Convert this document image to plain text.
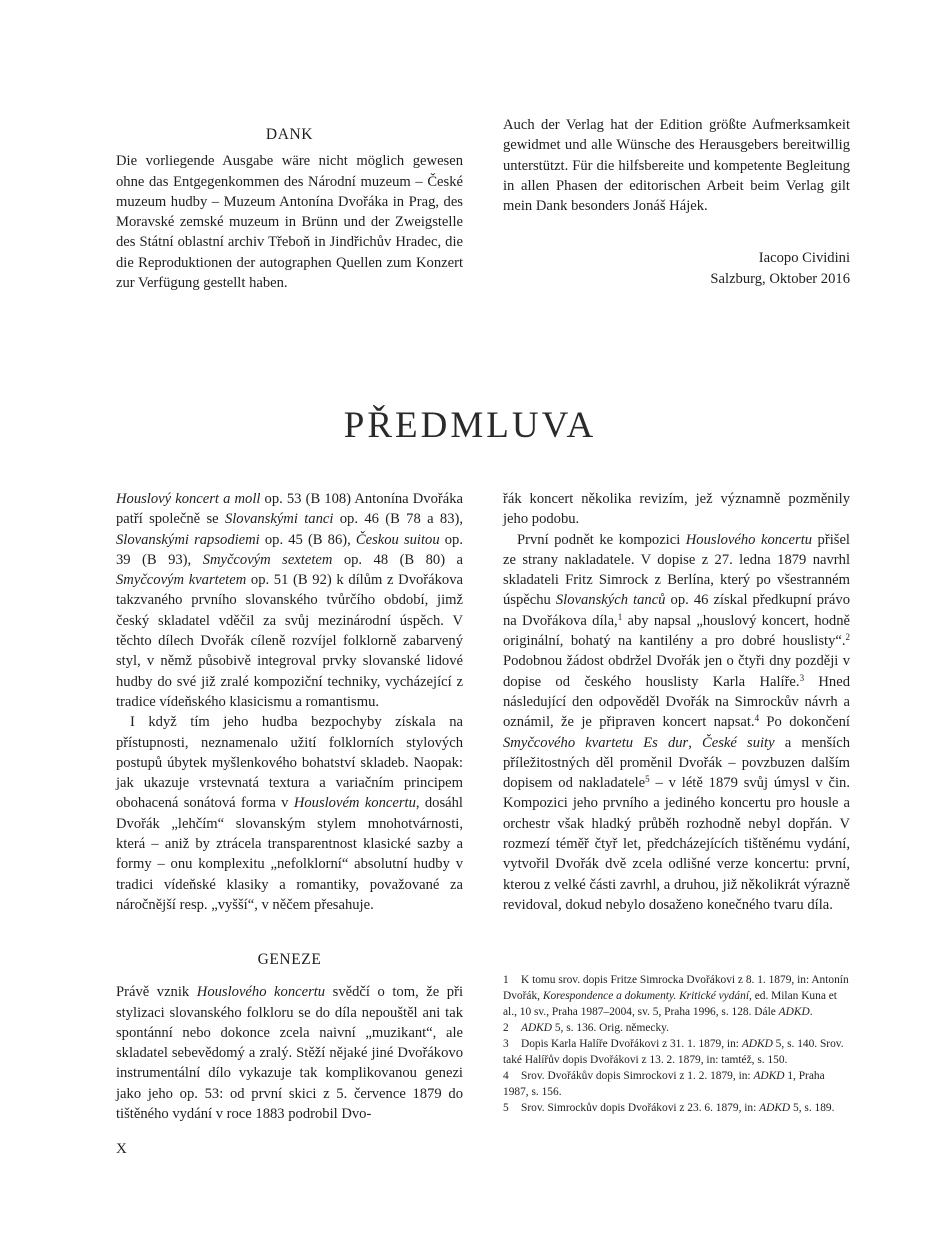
DANK

Die vorliegende Ausgabe wäre nicht möglich gewesen ohne das Entgegenkommen des Národní muzeum – České muzeum hudby – Muzeum Antonína Dvořáka in Prag, des Moravské zemské muzeum in Brünn und der Zweigstelle des Státní oblastní archiv Třeboň in Jindřichův Hradec, die die Reproduktionen der autographen Quellen zum Konzert zur Verfügung gestellt haben.

Auch der Verlag hat der Edition größte Aufmerksamkeit gewidmet und alle Wünsche des Herausgebers bereitwillig unterstützt. Für die hilfsbereite und kompetente Begleitung in allen Phasen der editorischen Arbeit beim Verlag gilt mein Dank besonders Jonáš Hájek.

Iacopo Cividini
Salzburg, Oktober 2016
PŘEDMLUVA

Houslový koncert a moll op. 53 (B 108) Antonína Dvořáka patří společně se Slovanskými tanci op. 46 (B 78 a 83), Slovanskými rapsodiemi op. 45 (B 86), Českou suitou op. 39 (B 93), Smyčcovým sextetem op. 48 (B 80) a Smyčcovým kvartetem op. 51 (B 92) k dílům z Dvořákova takzvaného prvního slovanského tvůrčího období, jimž český skladatel vděčil za svůj mezinárodní úspěch. V těchto dílech Dvořák cíleně rozvíjel folklorně zabarvený styl, v němž působivě integroval prvky slovanské lidové hudby do své již zralé kompoziční techniky, vycházející z tradice vídeňského klasicismu a romantismu.

I když tím jeho hudba bezpochyby získala na přístupnosti, neznamenalo užití folklorních stylových postupů úbytek myšlenkového bohatství skladeb. Naopak: jak ukazuje vrstevnatá textura a variačním principem obohacená sonátová forma v Houslovém koncertu, dosáhl Dvořák „lehčím“ slovanským stylem mnohotvárnosti, která – aniž by ztrácela transparentnost klasické sazby a formy – onu komplexitu „nefolklorní“ absolutní hudby v tradici vídeňské klasiky a romantiky, považované za náročnější resp. „vyšší“, v něčem přesahuje.

GENEZE

Právě vznik Houslového koncertu svědčí o tom, že při stylizaci slovanského folkloru se do díla nepouštěl ani tak spontánní nebo dokonce zcela naivní „muzikant“, ale skladatel sebevědomý a zralý. Stěží nějaké jiné Dvořákovo instrumentální dílo vykazuje tak komplikovanou genezi jako jeho op. 53: od první skici z 5. července 1879 do tištěného vydání v roce 1883 podrobil Dvo-

řák koncert několika revizím, jež významně pozměnily jeho podobu.

První podnět ke kompozici Houslového koncertu přišel ze strany nakladatele. V dopise z 27. ledna 1879 navrhl skladateli Fritz Simrock z Berlína, který po všestranném úspěchu Slovanských tanců op. 46 získal předkupní právo na Dvořákova díla,$^1$ aby napsal „houslový koncert, hodně originální, bohatý na kantilény a pro dobré houslisty“.$^2$ Podobnou žádost obdržel Dvořák jen o čtyři dny později v dopise od českého houslisty Karla Halíře.$^3$ Hned následující den odpověděl Dvořák na Simrockův návrh a oznámil, že je připraven koncert napsat.$^4$ Po dokončení Smyčcového kvartetu Es dur, České suity a menších příležitostných děl proměnil Dvořák – povzbuzen dalším dopisem od nakladatele$^5$ – v létě 1879 svůj úmysl v čin. Kompozici jeho prvního a jediného koncertu pro housle a orchestr však hladký průběh rozhodně nebyl dopřán. V rozmezí téměř čtyř let, předcházejících tištěnému vydání, vytvořil Dvořák dvě zcela odlišné verze koncertu: první, kterou z velké části zavrhl, a druhou, již několikrát výrazně revidoval, dokud nebylo dosaženo konečného tvaru díla.

1 K tomu srov. dopis Fritze Simrocka Dvořákovi z 8. 1. 1879, in: Antonín Dvořák, Korespondence a dokumenty. Kritické vydání, ed. Milan Kuna et al., 10 sv., Praha 1987–2004, sv. 5, Praha 1996, s. 128. Dále ADKD.
2 ADKD 5, s. 136. Orig. německy.
3 Dopis Karla Halíře Dvořákovi z 31. 1. 1879, in: ADKD 5, s. 140. Srov. také Halířův dopis Dvořákovi z 13. 2. 1879, in: tamtéž, s. 150.
4 Srov. Dvořákův dopis Simrockovi z 1. 2. 1879, in: ADKD 1, Praha 1987, s. 156.
5 Srov. Simrockův dopis Dvořákovi z 23. 6. 1879, in: ADKD 5, s. 189.
X
